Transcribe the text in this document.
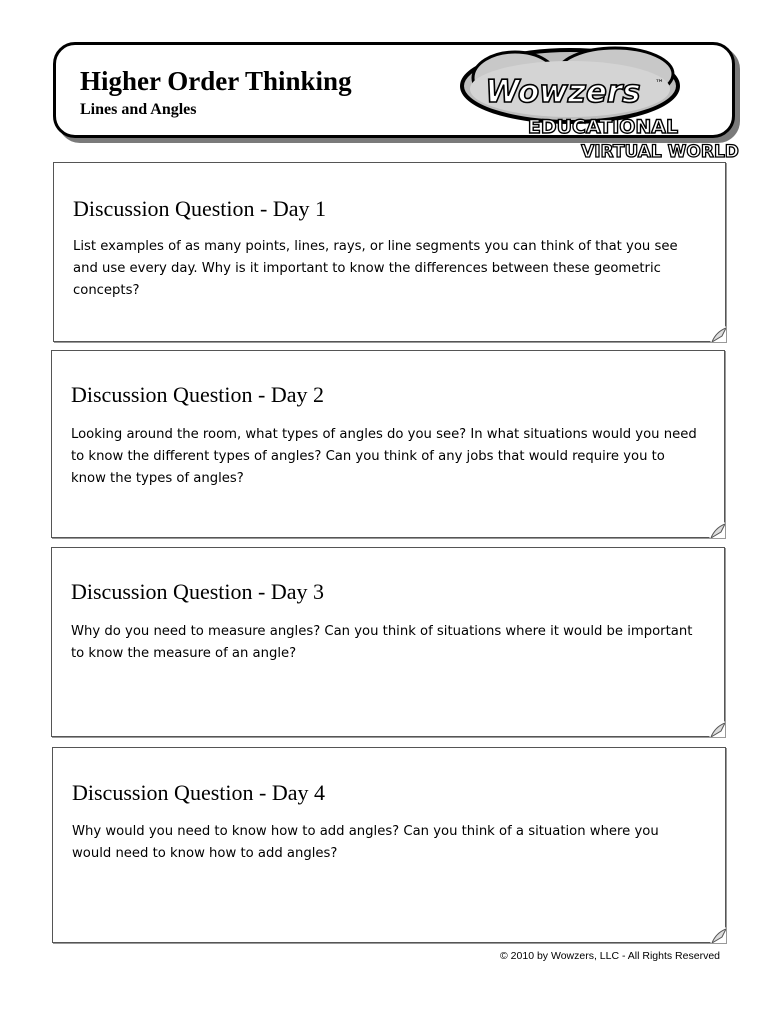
Higher Order Thinking
Lines and Angles	Wowzers ™
EDUCATIONAL
VIRTUAL WORLD
Discussion Question - Day 1

List examples of as many points, lines, rays, or line segments you can think of that you see and use every day. Why is it important to know the differences between these geometric concepts?

Discussion Question - Day 2

Looking around the room, what types of angles do you see? In what situations would you need to know the different types of angles? Can you think of any jobs that would require you to know the types of angles?

Discussion Question - Day 3

Why do you need to measure angles? Can you think of situations where it would be important to know the measure of an angle?

Discussion Question - Day 4

Why would you need to know how to add angles? Can you think of a situation where you would need to know how to add angles?

© 2010 by Wowzers, LLC - All Rights Reserved
